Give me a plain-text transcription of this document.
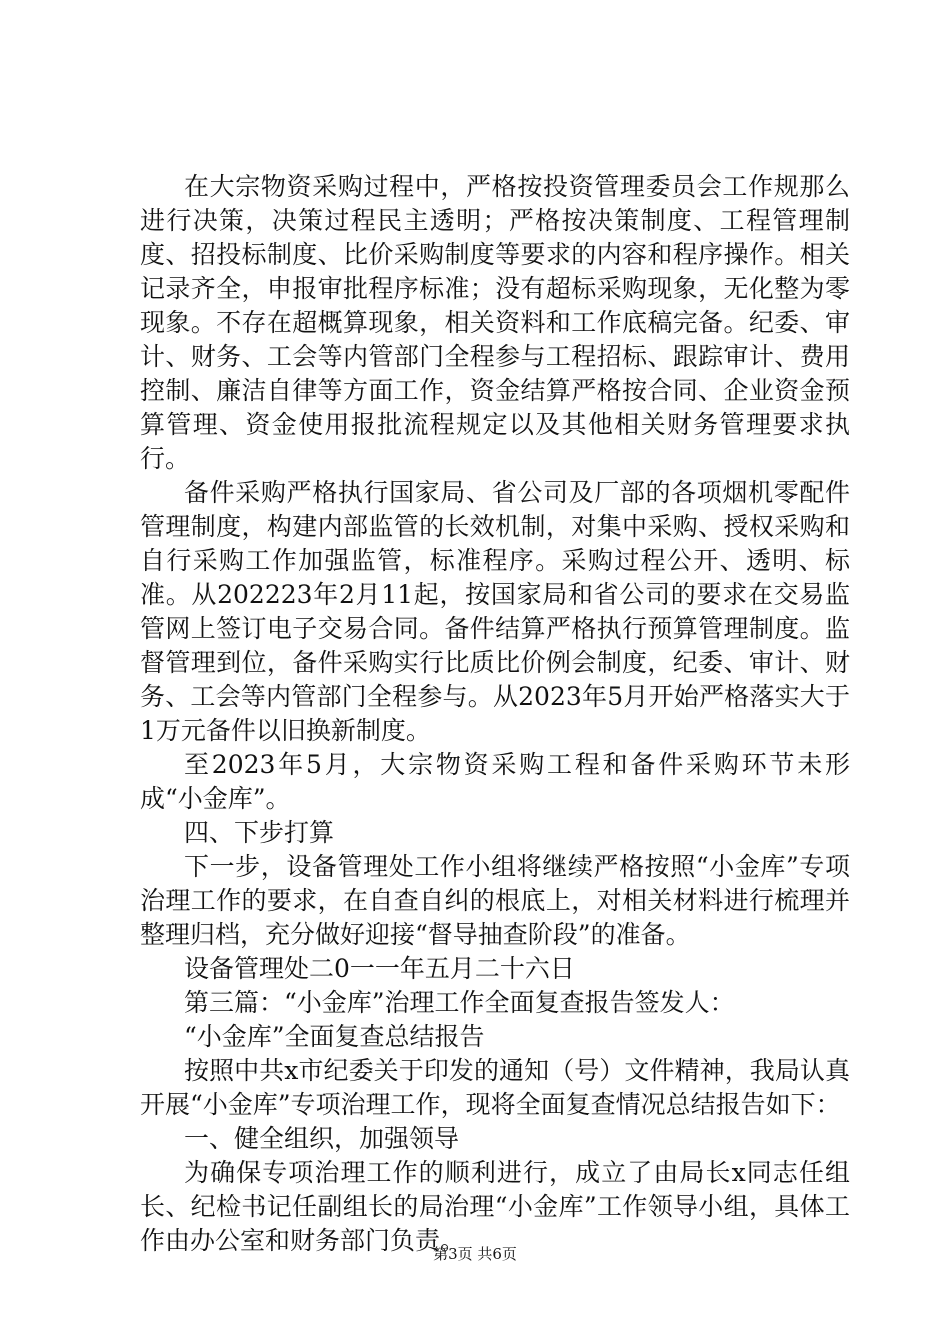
在大宗物资采购过程中，严格按投资管理委员会工作规那么进行决策，决策过程民主透明；严格按决策制度、工程管理制度、招投标制度、比价采购制度等要求的内容和程序操作。相关记录齐全，申报审批程序标准；没有超标采购现象，无化整为零现象。不存在超概算现象，相关资料和工作底稿完备。纪委、审计、财务、工会等内管部门全程参与工程招标、跟踪审计、费用控制、廉洁自律等方面工作，资金结算严格按合同、企业资金预算管理、资金使用报批流程规定以及其他相关财务管理要求执行。

备件采购严格执行国家局、省公司及厂部的各项烟机零配件管理制度，构建内部监管的长效机制，对集中采购、授权采购和自行采购工作加强监管，标准程序。采购过程公开、透明、标准。从202223年2月11起，按国家局和省公司的要求在交易监管网上签订电子交易合同。备件结算严格执行预算管理制度。监督管理到位，备件采购实行比质比价例会制度，纪委、审计、财务、工会等内管部门全程参与。从2023年5月开始严格落实大于1万元备件以旧换新制度。

至2023年5月，大宗物资采购工程和备件采购环节未形成“小金库”。

四、下步打算

下一步，设备管理处工作小组将继续严格按照“小金库”专项治理工作的要求，在自查自纠的根底上，对相关材料进行梳理并整理归档，充分做好迎接“督导抽查阶段”的准备。

设备管理处二0一一年五月二十六日

第三篇：“小金库”治理工作全面复查报告签发人：

“小金库”全面复查总结报告

按照中共x市纪委关于印发的通知（号）文件精神，我局认真开展“小金库”专项治理工作，现将全面复查情况总结报告如下：

一、健全组织，加强领导

为确保专项治理工作的顺利进行，成立了由局长x同志任组长、纪检书记任副组长的局治理“小金库”工作领导小组，具体工作由办公室和财务部门负责。

第3页 共6页
